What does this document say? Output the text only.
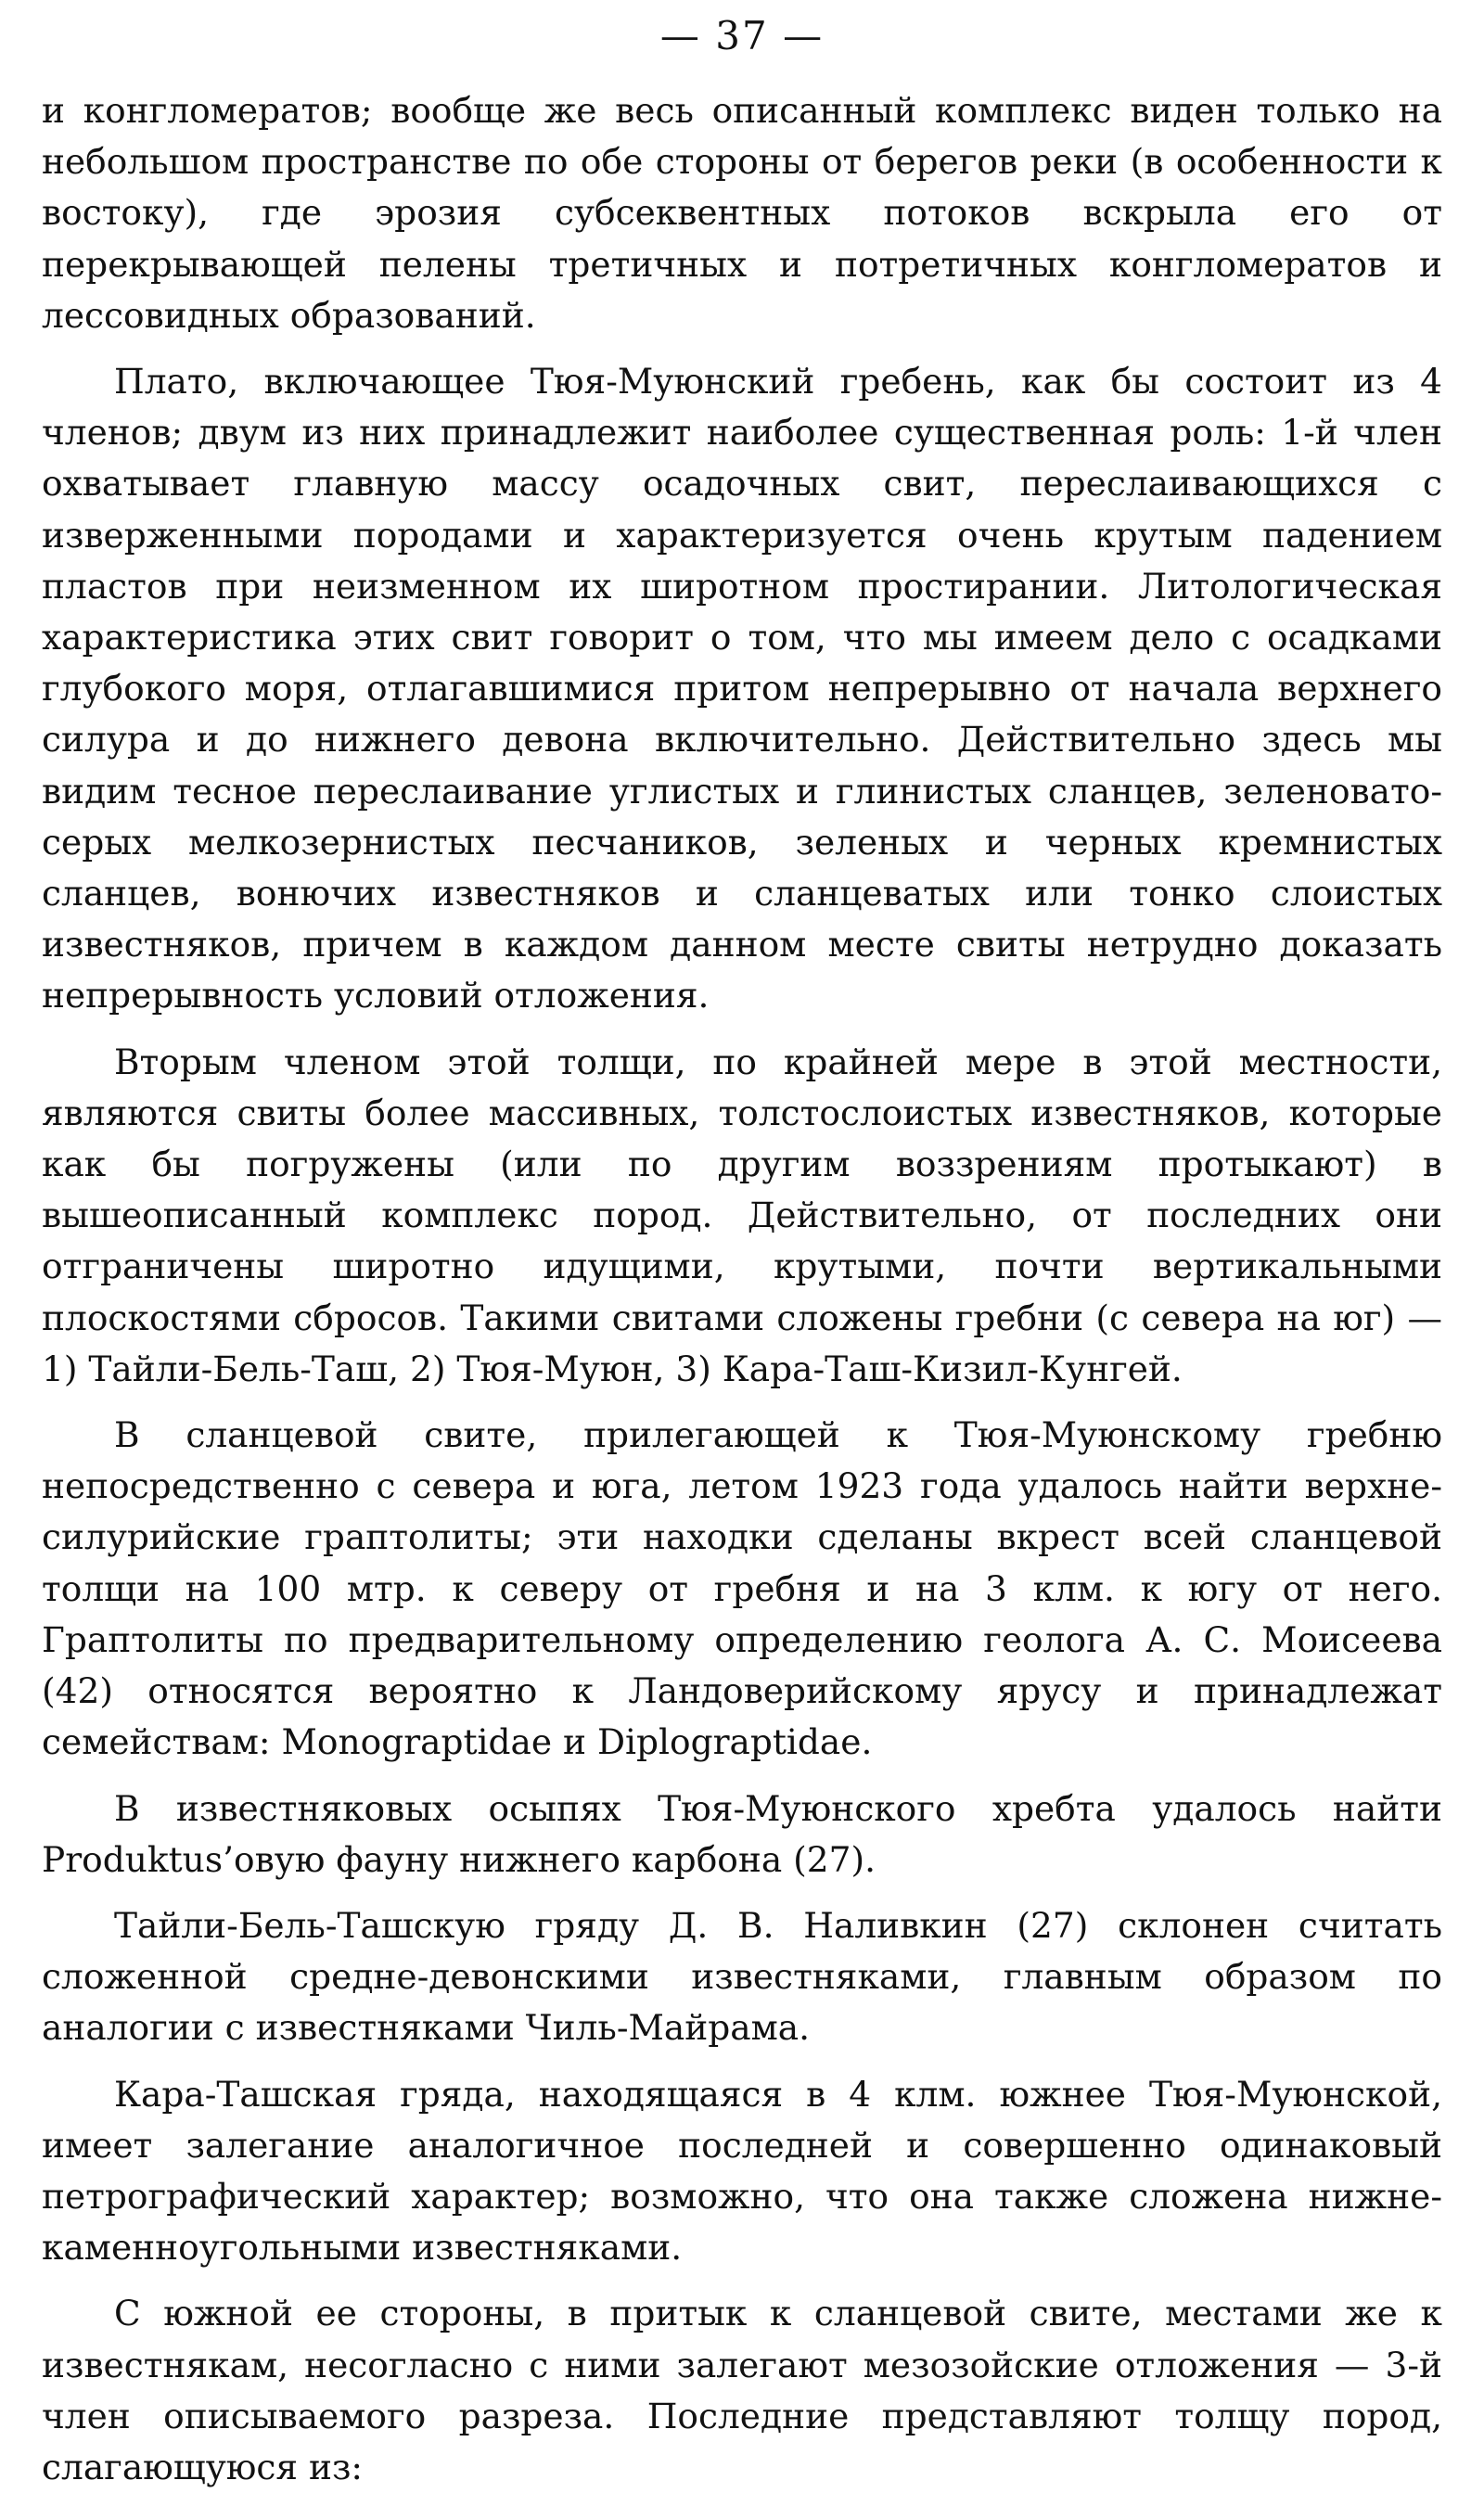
— 37 —

и конгломератов; вообще же весь описанный комплекс виден только на небольшом пространстве по обе стороны от берегов реки (в особенности к востоку), где эрозия субсеквентных потоков вскрыла его от перекрывающей пелены третичных и потретичных конгломератов и лессовидных образований.

Плато, включающее Тюя-Муюнский гребень, как бы состоит из 4 членов; двум из них принадлежит наиболее существенная роль: 1-й член охватывает главную массу осадочных свит, переслаивающихся с изверженными породами и характеризуется очень крутым падением пластов при неизменном их широтном простирании. Литологическая характеристика этих свит говорит о том, что мы имеем дело с осадками глубокого моря, отлагавшимися притом непрерывно от начала верхнего силура и до нижнего девона включительно. Действительно здесь мы видим тесное переслаивание углистых и глинистых сланцев, зеленовато-серых мелкозернистых песчаников, зеленых и черных кремнистых сланцев, вонючих известняков и сланцеватых или тонко слоистых известняков, причем в каждом данном месте свиты нетрудно доказать непрерывность условий отложения.

Вторым членом этой толщи, по крайней мере в этой местности, являются свиты более массивных, толстослоистых известняков, которые как бы погружены (или по другим воззрениям протыкают) в вышеописанный комплекс пород. Действительно, от последних они отграничены широтно идущими, крутыми, почти вертикальными плоскостями сбросов. Такими свитами сложены гребни (с севера на юг) — 1) Тайли-Бель-Таш, 2) Тюя-Муюн, 3) Кара-Таш-Кизил-Кунгей.

В сланцевой свите, прилегающей к Тюя-Муюнскому гребню непосредственно с севера и юга, летом 1923 года удалось найти верхне-силурийские граптолиты; эти находки сделаны вкрест всей сланцевой толщи на 100 мтр. к северу от гребня и на 3 клм. к югу от него. Граптолиты по предварительному определению геолога А. С. Моисеева (42) относятся вероятно к Ландоверийскому ярусу и принадлежат семействам: Monograptidae и Diplograptidae.

В известняковых осыпях Тюя-Муюнского хребта удалось найти Produktus’овую фауну нижнего карбона (27).

Тайли-Бель-Ташскую гряду Д. В. Наливкин (27) склонен считать сложенной средне-девонскими известняками, главным образом по аналогии с известняками Чиль-Майрама.

Кара-Ташская гряда, находящаяся в 4 клм. южнее Тюя-Муюнской, имеет залегание аналогичное последней и совершенно одинаковый петрографический характер; возможно, что она также сложена нижне-каменноугольными известняками.

С южной ее стороны, в притык к сланцевой свите, местами же к известнякам, несогласно с ними залегают мезозойские отложения — 3-й член описываемого разреза. Последние представляют толщу пород, слагающуюся из:
